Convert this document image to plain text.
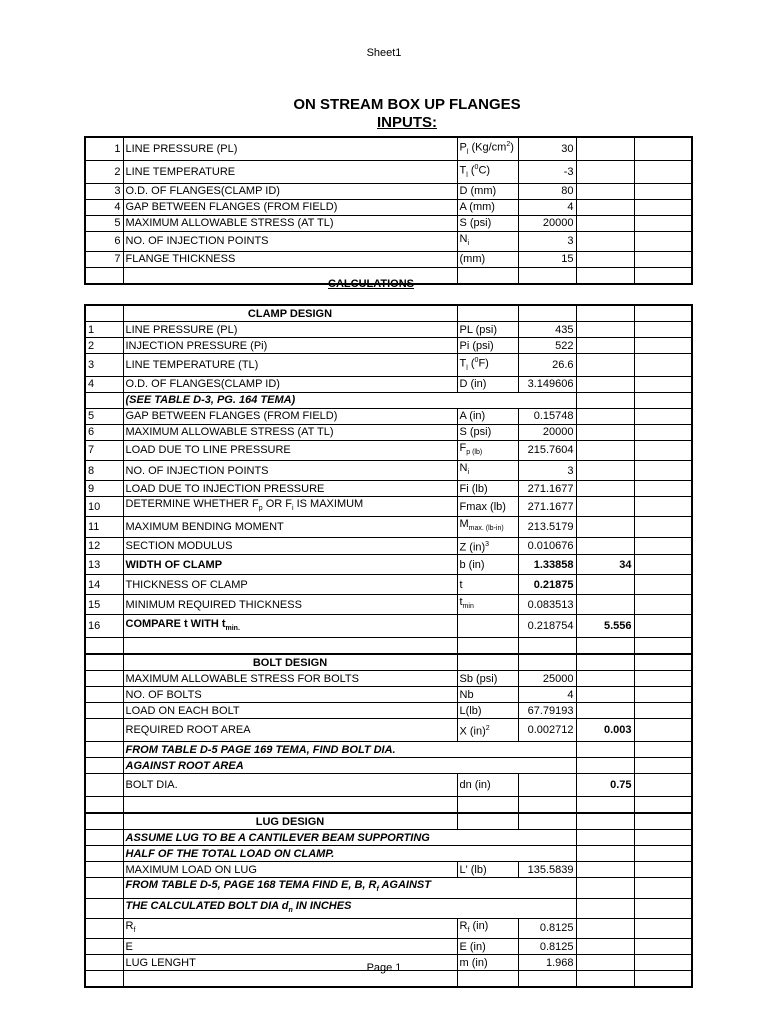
Sheet1
ON STREAM BOX UP FLANGES
INPUTS:
1	LINE PRESSURE (PL)	$P_l$ $(Kg/cm^2)$	30		
2	LINE TEMPERATURE	$T_l$ ($^0$C)	-3		
3	O.D. OF FLANGES(CLAMP ID)	D (mm)	80		
4	GAP BETWEEN FLANGES (FROM FIELD)	A (mm)	4		
5	MAXIMUM ALLOWABLE STRESS (AT TL)	S (psi)	20000		
6	NO. OF INJECTION POINTS	$N_i$	3		
7	FLANGE THICKNESS	(mm)	15		

CALCULATIONS
	CLAMP DESIGN				
1	LINE PRESSURE (PL)	PL (psi)	435		
2	INJECTION PRESSURE (Pi)	Pi (psi)	522		
3	LINE TEMPERATURE (TL)	$T_l$ ($^0$F)	26.6		
4	O.D. OF FLANGES(CLAMP ID)	D (in)	3.149606		
	(SEE TABLE D-3, PG. 164 TEMA)				
5	GAP BETWEEN FLANGES (FROM FIELD)	A (in)	0.15748		
6	MAXIMUM ALLOWABLE STRESS (AT TL)	S (psi)	20000		
7	LOAD DUE TO LINE PRESSURE	$F_{p (lb)}$	215.7604		
8	NO. OF INJECTION POINTS	$N_i$	3		
9	LOAD DUE TO INJECTION PRESSURE	Fi (lb)	271.1677		
10	DETERMINE WHETHER $F_p$ OR $F_i$ IS MAXIMUM	Fmax (lb)	271.1677		
11	MAXIMUM BENDING MOMENT	$M_{max. (lb-in)}$	213.5179		
12	SECTION MODULUS	Z (in)$^3$	0.010676		
13	WIDTH OF CLAMP	b (in)	1.33858	34	
14	THICKNESS OF CLAMP	t	0.21875		
15	MINIMUM REQUIRED THICKNESS	$t_{min}$	0.083513		
16	COMPARE t WITH $t_{min.}$		0.218754	5.556	

	BOLT DESIGN				
	MAXIMUM ALLOWABLE STRESS FOR BOLTS	Sb (psi)	25000		
	NO. OF BOLTS	Nb	4		
	LOAD ON EACH BOLT	L(lb)	67.79193		
	REQUIRED ROOT AREA	X (in)$^2$	0.002712	0.003	
	FROM TABLE D-5 PAGE 169 TEMA, FIND BOLT DIA.				
	AGAINST ROOT AREA				
	BOLT DIA.	dn (in)		0.75	

	LUG DESIGN				
	ASSUME LUG TO BE A CANTILEVER BEAM SUPPORTING				
	HALF OF THE TOTAL LOAD ON CLAMP.				
	MAXIMUM LOAD ON LUG	L' (lb)	135.5839		
	FROM TABLE D-5, PAGE 168 TEMA FIND E, B, $R_f$ AGAINST				
	THE CALCULATED BOLT DIA $d_n$ IN INCHES				
	$R_f$	$R_f$ (in)	0.8125		
	E	E (in)	0.8125		
	LUG LENGHT	m (in)	1.968		

Page 1
